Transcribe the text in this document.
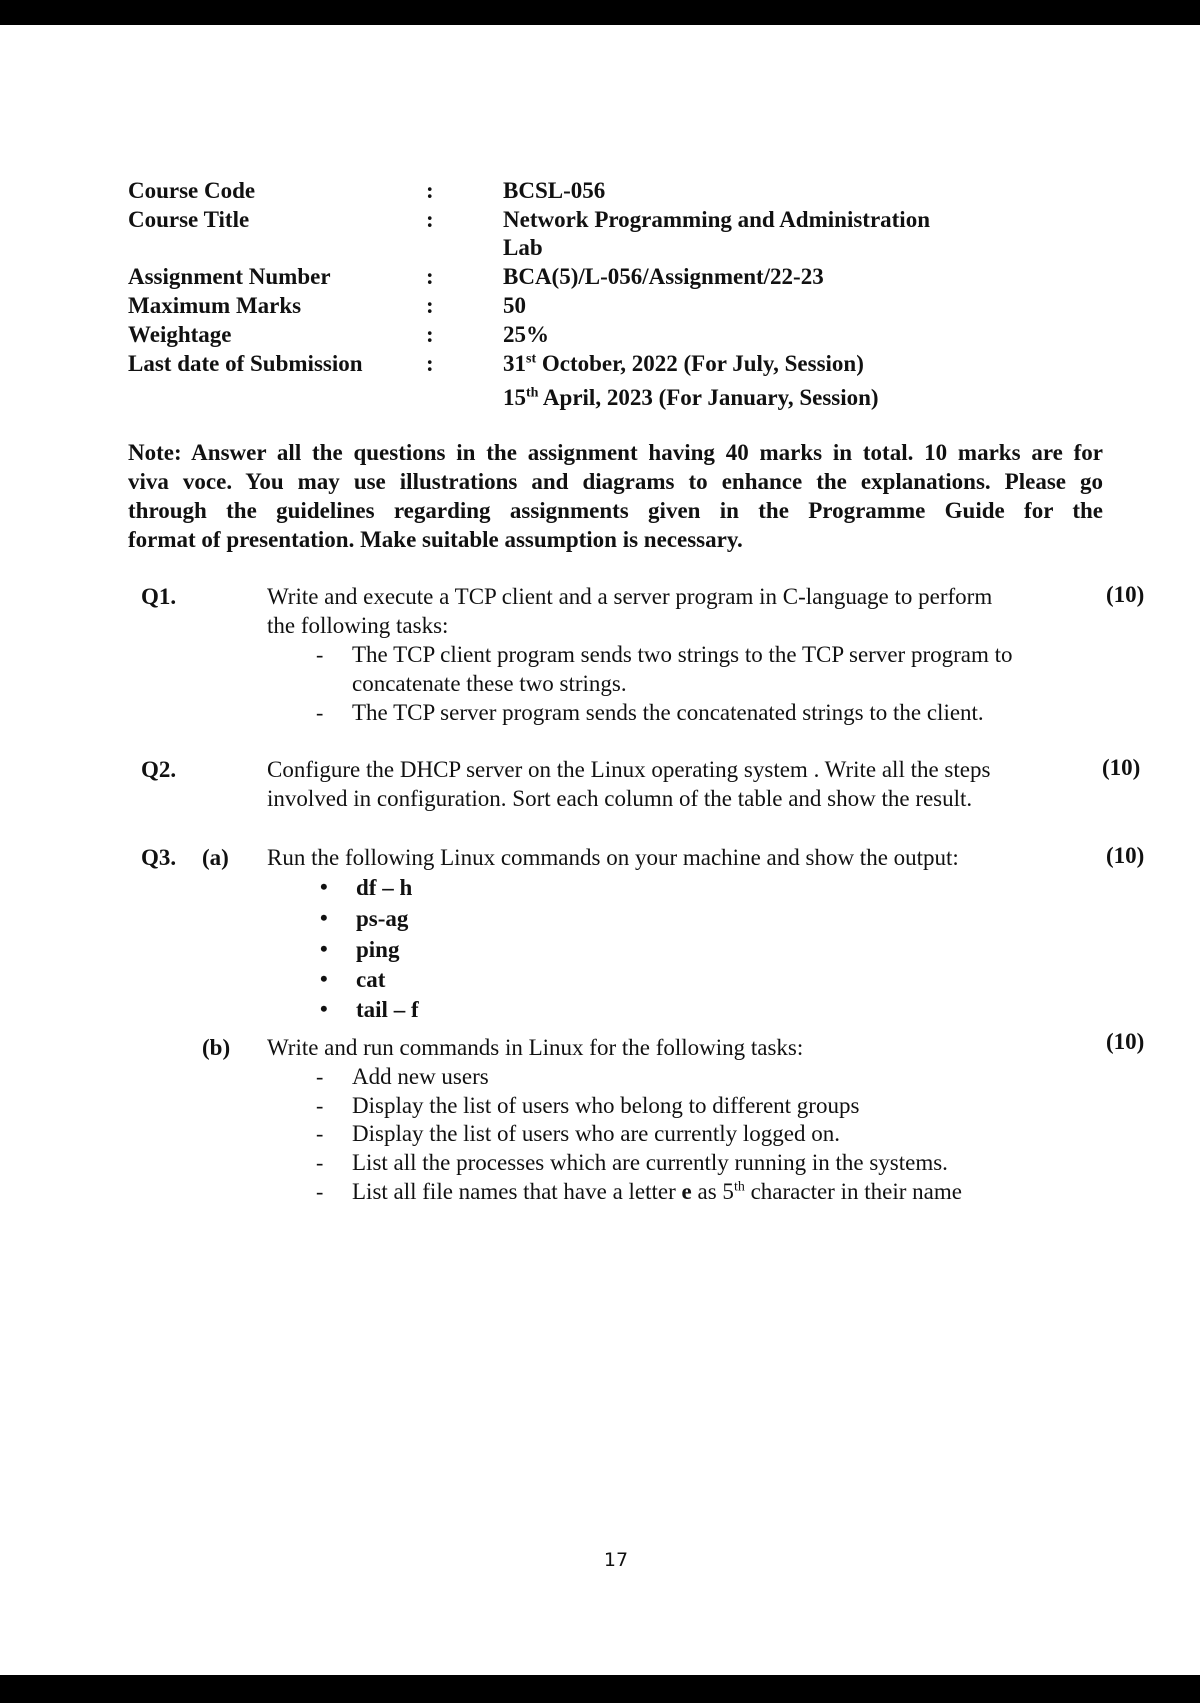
Course Code	:	BCSL-056
Course Title	:	Network Programming and Administration
Lab
Assignment Number	:	BCA(5)/L-056/Assignment/22-23
Maximum Marks	:	50
Weightage	:	25%
Last date of Submission	:	31st October, 2022 (For July, Session)
15th April, 2023 (For January, Session)
Note: Answer all the questions in the assignment having 40 marks in total. 10 marks are for
viva voce. You may use illustrations and diagrams to enhance the explanations. Please go
through the guidelines regarding assignments given in the Programme Guide for the
format of presentation. Make suitable assumption is necessary.
Q1.	Write and execute a TCP client and a server program in C-language to perform
the following tasks:
(10)
- The TCP client program sends two strings to the TCP server program to
concatenate these two strings.
- The TCP server program sends the concatenated strings to the client.
Q2.	Configure the DHCP server on the Linux operating system . Write all the steps
involved in configuration. Sort each column of the table and show the result.
(10)
Q3. (a) Run the following Linux commands on your machine and show the output:	(10)
• df – h
• ps-ag
• ping
• cat
• tail – f
(b) Write and run commands in Linux for the following tasks:	(10)
- Add new users
- Display the list of users who belong to different groups
- Display the list of users who are currently logged on.
- List all the processes which are currently running in the systems.
- List all file names that have a letter e as 5th character in their name
17
